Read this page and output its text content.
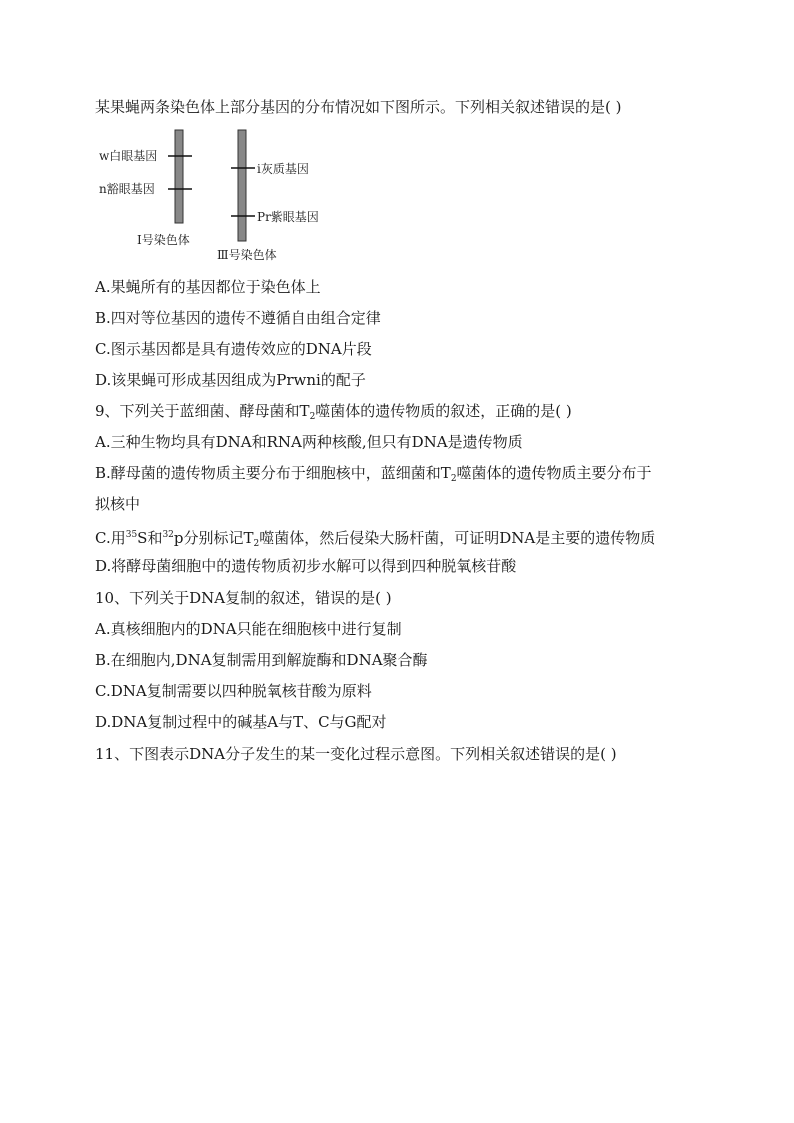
某果蝇两条染色体上部分基因的分布情况如下图所示。下列相关叙述错误的是( )
w白眼基因
n豁眼基因
Ⅰ号染色体
i灰质基因
Pr紫眼基因
Ⅲ号染色体
A.果蝇所有的基因都位于染色体上
B.四对等位基因的遗传不遵循自由组合定律
C.图示基因都是具有遗传效应的DNA片段
D.该果蝇可形成基因组成为Prwni的配子
9、下列关于蓝细菌、酵母菌和$T_2$噬菌体的遗传物质的叙述，正确的是( )
A.三种生物均具有DNA和RNA两种核酸,但只有DNA是遗传物质
B.酵母菌的遗传物质主要分布于细胞核中，蓝细菌和$T_2$噬菌体的遗传物质主要分布于
拟核中
C.用$^{35}$S和$^{32}$p分别标记$T_2$噬菌体，然后侵染大肠杆菌，可证明DNA是主要的遗传物质
D.将酵母菌细胞中的遗传物质初步水解可以得到四种脱氧核苷酸
10、下列关于DNA复制的叙述，错误的是( )
A.真核细胞内的DNA只能在细胞核中进行复制
B.在细胞内,DNA复制需用到解旋酶和DNA聚合酶
C.DNA复制需要以四种脱氧核苷酸为原料
D.DNA复制过程中的碱基A与T、C与G配对
11、下图表示DNA分子发生的某一变化过程示意图。下列相关叙述错误的是( )
